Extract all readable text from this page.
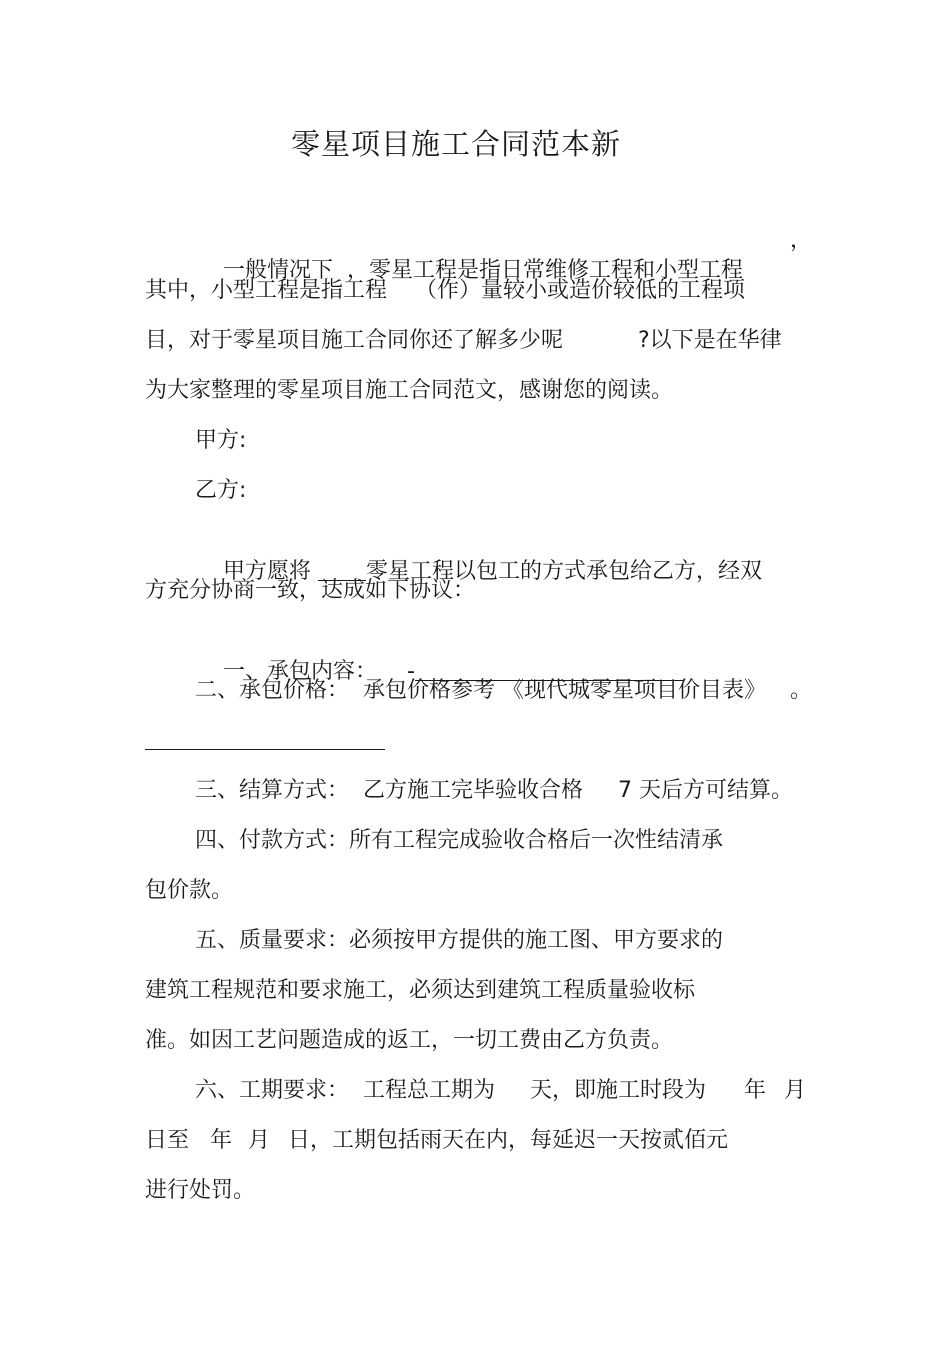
零星项目施工合同范本新

一般情况下  ，零星工程是指日常维修工程和小型工程

，
其中，小型工程是指工程    （作）量较小或造价较低的工程项
目，对于零星项目施工合同你还了解多少呢	?以下是在华律
为大家整理的零星项目施工合同范文，感谢您的阅读。
甲方:
乙方:

甲方愿将 零星工程以包工的方式承包给乙方，经双

方充分协商一致，达成如下协议：

一、承包内容： -

二、承包价格：  承包价格参考 《现代城零星项目价目表》 。
三、结算方式：  乙方施工完毕验收合格     7 天后方可结算。
四、付款方式：所有工程完成验收合格后一次性结清承
包价款。
五、质量要求：必须按甲方提供的施工图、甲方要求的
建筑工程规范和要求施工，必须达到建筑工程质量验收标
准。如因工艺问题造成的返工，一切工费由乙方负责。
六、工期要求：  工程总工期为 天，即施工时段为 年 月
日至 年 月 日，工期包括雨天在内，每延迟一天按贰佰元
进行处罚。
